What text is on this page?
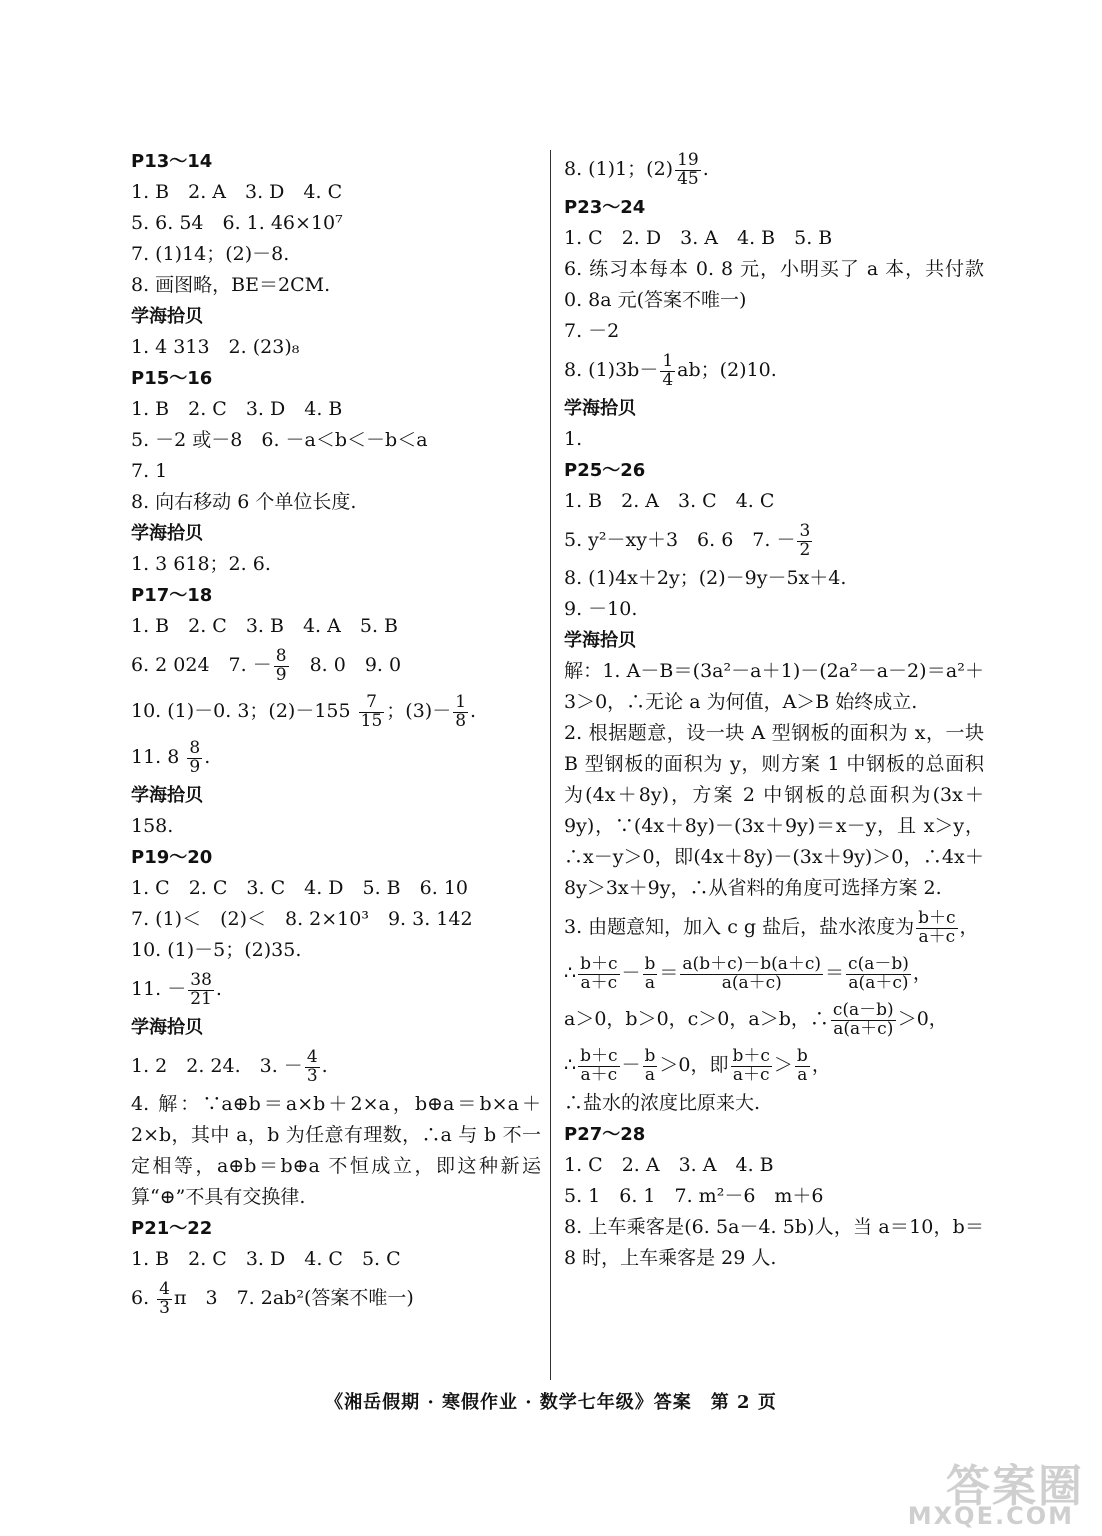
P13～14
1. B　2. A　3. D　4. C
5. 6. 54　6. 1. 46×10⁷
7. (1)14；(2)－8.
8. 画图略，BE＝2CM.
学海拾贝
1. 4 313　2. (23)₈
P15～16
1. B　2. C　3. D　4. B
5. －2 或－8　6. －a＜b＜－b＜a
7. 1
8. 向右移动 6 个单位长度.
学海拾贝
1. 3 618；2. 6.
P17～18
1. B　2. C　3. B　4. A　5. B
6. 2 024　7. － $\frac{8}{9}$ 　8. 0　9. 0
10. (1)－0. 3；$(2)-155 \frac{7}{15}$ ；$(3)- \frac{1}{8}$ .
11. $8 \frac{8}{9}$ .
学海拾贝
158.
P19～20
1. C　2. C　3. C　4. D　5. B　6. 10
7. (1)＜　(2)＜　8. 2×10³　9. 3. 142
10. (1)－5；(2)35.
11. － $\frac{38}{21}$ .
学海拾贝
1. 2　2. 24.　3. － $\frac{4}{3}$ .
4. 解：∵a⊕b＝a×b＋2×a，b⊕a＝b×a＋2×b，其中 a，b 为任意有理数，∴a 与 b 不一定相等，a⊕b＝b⊕a 不恒成立，即这种新运算“⊕”不具有交换律.
P21～22
1. B　2. C　3. D　4. C　5. C
6. $\frac{4}{3}$ π　3　7. 2ab²(答案不唯一)
8. (1)1；$(2) \frac{19}{45}$ .
P23～24
1. C　2. D　3. A　4. B　5. B
6. 练习本每本 0. 8 元，小明买了 a 本，共付款 0. 8a 元(答案不唯一)
7. －2
8. $(1)3b- \frac{1}{4}$ ab；(2)10.
学海拾贝
1.
P25～26
1. B　2. A　3. C　4. C
5. y²－xy＋3　6. 6　7. － $\frac{3}{2}$
8. (1)4x＋2y；(2)－9y－5x＋4.
9. －10.
学海拾贝
解：1. A－B＝(3a²－a＋1)－(2a²－a－2)＝a²＋3＞0，∴无论 a 为何值，A＞B 始终成立.
2. 根据题意，设一块 A 型钢板的面积为 x，一块 B 型钢板的面积为 y，则方案 1 中钢板的总面积为(4x＋8y)，方案 2 中钢板的总面积为(3x＋9y)，∵(4x＋8y)－(3x＋9y)＝x－y，且 x＞y，∴x－y＞0，即(4x＋8y)－(3x＋9y)＞0，∴4x＋8y＞3x＋9y，∴从省料的角度可选择方案 2.
3. 由题意知，加入 c g 盐后，盐水浓度为 $\frac{b+c}{a+c}$ ，
∴ $\frac{b+c}{a+c} - \frac{b}{a} = \frac{a(b+c)-b(a+c)}{a(a+c)} = \frac{c(a-b)}{a(a+c)}$ ，
a＞0，b＞0，c＞0，a＞b，∴ $\frac{c(a-b)}{a(a+c)} >0$，
∴ $\frac{b+c}{a+c} - \frac{b}{a} >0$，即 $\frac{b+c}{a+c} > \frac{b}{a}$ ，
∴盐水的浓度比原来大.
P27～28
1. C　2. A　3. A　4. B
5. 1　6. 1　7. m²－6　m＋6
8. 上车乘客是(6. 5a－4. 5b)人，当 a＝10，b＝8 时，上车乘客是 29 人.
《湘岳假期 · 寒假作业 · 数学七年级》答案　第 2 页
答案圈
MXQE.COM
